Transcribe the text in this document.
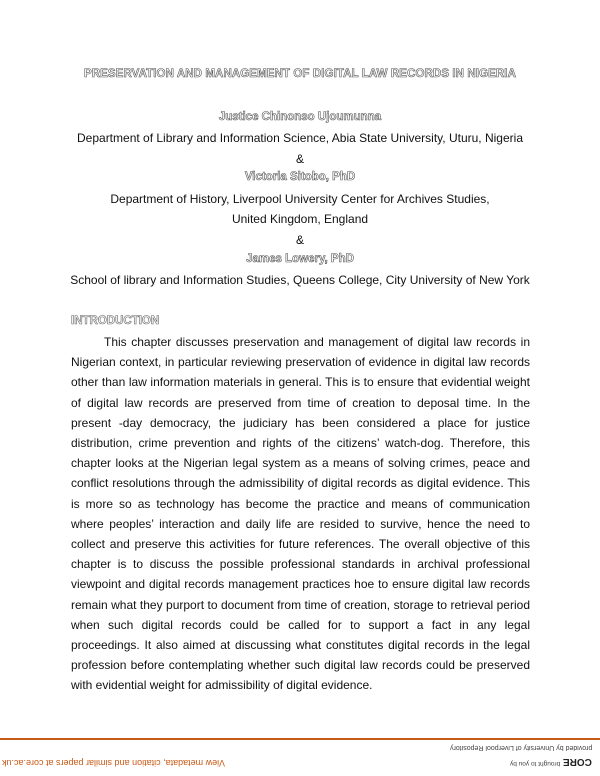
PRESERVATION AND MANAGEMENT OF DIGITAL LAW RECORDS IN NIGERIA

Justice Chinonso Ujoumunna

Department of Library and Information Science, Abia State University, Uturu, Nigeria

&

Victoria Sitobo, PhD

Department of History, Liverpool University Center for Archives Studies,

United Kingdom, England

&

James Lowery, PhD

School of library and Information Studies, Queens College, City University of New York

INTRODUCTION

This chapter discusses preservation and management of digital law records in Nigerian context, in particular reviewing preservation of evidence in digital law records other than law information materials in general. This is to ensure that evidential weight of digital law records are preserved from time of creation to deposal time. In the present -day democracy, the judiciary has been considered a place for justice distribution, crime prevention and rights of the citizens’ watch-dog. Therefore, this chapter looks at the Nigerian legal system as a means of solving crimes, peace and conflict resolutions through the admissibility of digital records as digital evidence. This is more so as technology has become the practice and means of communication where peoples’ interaction and daily life are resided to survive, hence the need to collect and preserve this activities for future references. The overall objective of this chapter is to discuss the possible professional standards in archival professional viewpoint and digital records management practices hoe to ensure digital law records remain what they purport to document from time of creation, storage to retrieval period when such digital records could be called for to support a fact in any legal proceedings. It also aimed at discussing what constitutes digital records in the legal profession before contemplating whether such digital law records could be preserved with evidential weight for admissibility of digital evidence.

View metadata, citation and similar papers at core.ac.uk
provided by University of Liverpool Repository
brought to you by CORE
